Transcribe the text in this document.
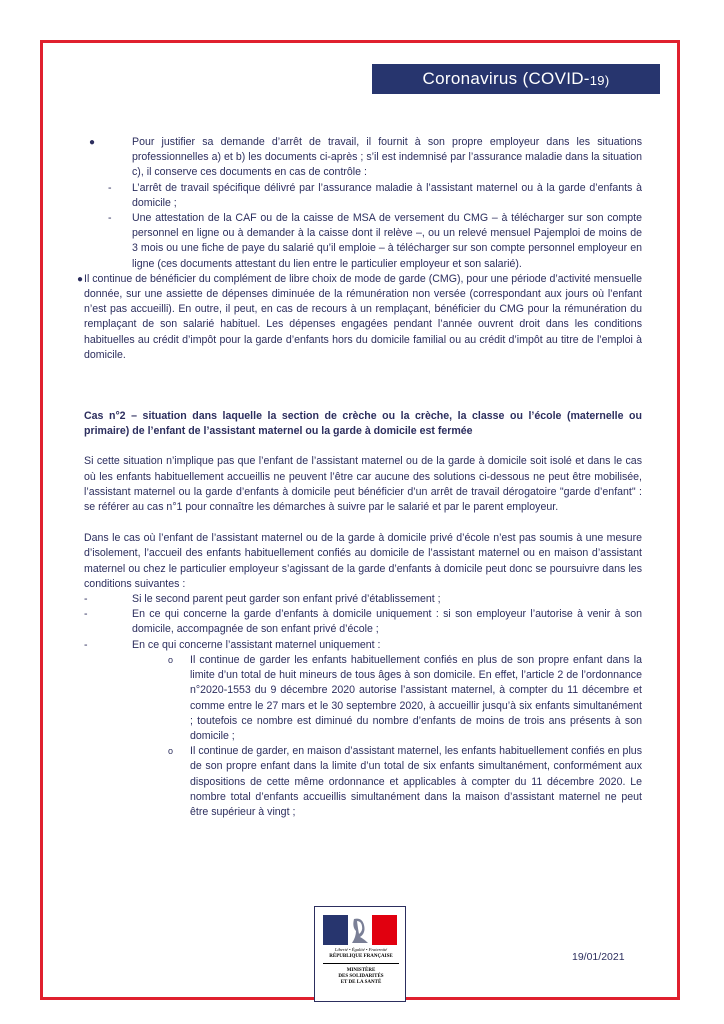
Coronavirus (COVID- 19)
●	Pour justifier sa demande d’arrêt de travail, il fournit à son propre employeur dans les situations professionnelles a) et b) les documents ci-après ; s’il est indemnisé par l’assurance maladie dans la situation c), il conserve ces documents en cas de contrôle :
- L’arrêt de travail spécifique délivré par l’assurance maladie à l’assistant maternel ou à la garde d’enfants à domicile ;
- Une attestation de la CAF ou de la caisse de MSA de versement du CMG – à télécharger sur son compte personnel en ligne ou à demander à la caisse dont il relève –, ou un relevé mensuel Pajemploi de moins de 3 mois ou une fiche de paye du salarié qu’il emploie – à télécharger sur son compte personnel employeur en ligne (ces documents attestant du lien entre le particulier employeur et son salarié).
● Il continue de bénéficier du complément de libre choix de mode de garde (CMG), pour une période d’activité mensuelle donnée, sur une assiette de dépenses diminuée de la rémunération non versée (correspondant aux jours où l’enfant n’est pas accueilli). En outre, il peut, en cas de recours à un remplaçant, bénéficier du CMG pour la rémunération du remplaçant de son salarié habituel. Les dépenses engagées pendant l’année ouvrent droit dans les conditions habituelles au crédit d’impôt pour la garde d’enfants hors du domicile familial ou au crédit d’impôt au titre de l’emploi à domicile.

Cas n°2 – situation dans laquelle la section de crèche ou la crèche, la classe ou l’école (maternelle ou primaire) de l’enfant de l’assistant maternel ou la garde à domicile est fermée

Si cette situation n’implique pas que l’enfant de l’assistant maternel ou de la garde à domicile soit isolé et dans le cas où les enfants habituellement accueillis ne peuvent l’être car aucune des solutions ci-dessous ne peut être mobilisée, l’assistant maternel ou la garde d’enfants à domicile peut bénéficier d’un arrêt de travail dérogatoire "garde d’enfant" : se référer au cas n°1 pour connaître les démarches à suivre par le salarié et par le parent employeur.

Dans le cas où l’enfant de l’assistant maternel ou de la garde à domicile privé d’école n’est pas soumis à une mesure d’isolement, l’accueil des enfants habituellement confiés au domicile de l’assistant maternel ou en maison d’assistant maternel ou chez le particulier employeur s’agissant de la garde d’enfants à domicile peut donc se poursuivre dans les conditions suivantes :

-	Si le second parent peut garder son enfant privé d’établissement ;
-	En ce qui concerne la garde d’enfants à domicile uniquement : si son employeur l’autorise à venir à son domicile, accompagnée de son enfant privé d’école ;
-	En ce qui concerne l’assistant maternel uniquement :
o Il continue de garder les enfants habituellement confiés en plus de son propre enfant dans la limite d’un total de huit mineurs de tous âges à son domicile. En effet, l’article 2 de l’ordonnance n°2020-1553 du 9 décembre 2020 autorise l’assistant maternel, à compter du 11 décembre et comme entre le 27 mars et le 30 septembre 2020, à accueillir jusqu’à six enfants simultanément ; toutefois ce nombre est diminué du nombre d’enfants de moins de trois ans présents à son domicile ;
o Il continue de garder, en maison d’assistant maternel, les enfants habituellement confiés en plus de son propre enfant dans la limite d’un total de six enfants simultanément, conformément aux dispositions de cette même ordonnance et applicables à compter du 11 décembre 2020. Le nombre total d’enfants accueillis simultanément dans la maison d’assistant maternel ne peut être supérieur à vingt ;
Liberté • Égalité • Fraternité
RÉPUBLIQUE FRANÇAISE
MINISTÈRE
DES SOLIDARITÉS
ET DE LA SANTÉ
19/01/2021
